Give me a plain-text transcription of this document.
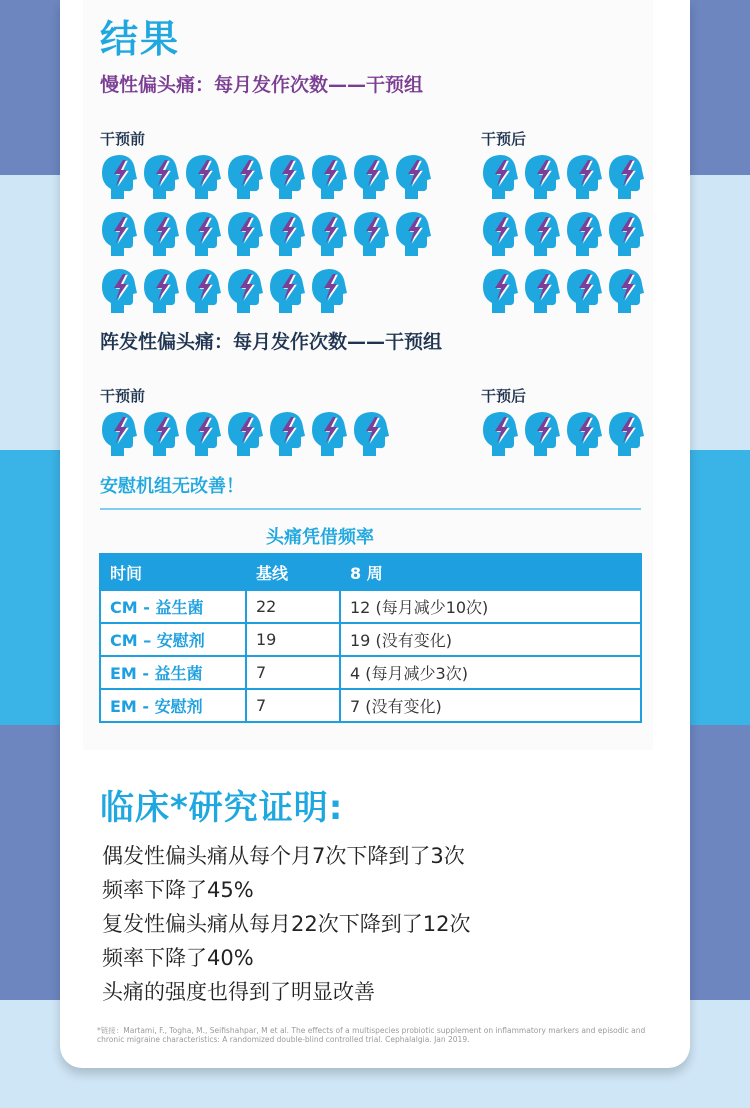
结果
慢性偏头痛：每月发作次数——干预组
干预前	干预后
阵发性偏头痛：每月发作次数——干预组
干预前	干预后
安慰机组无改善！
头痛凭借频率
时间	基线	8 周
CM - 益生菌	22	12 (每月减少10次)
CM – 安慰剂	19	19 (没有变化)
EM - 益生菌	7	4 (每月减少3次)
EM - 安慰剂	7	7 (没有变化)
临床*研究证明:
偶发性偏头痛从每个月7次下降到了3次
频率下降了45%
复发性偏头痛从每月22次下降到了12次
频率下降了40%
头痛的强度也得到了明显改善
*链接：Martami, F., Togha, M., Seifishahpar, M et al. The effects of a multispecies probiotic supplement on inflammatory markers and episodic and chronic migraine characteristics: A randomized double-blind controlled trial. Cephalalgia. Jan 2019.
